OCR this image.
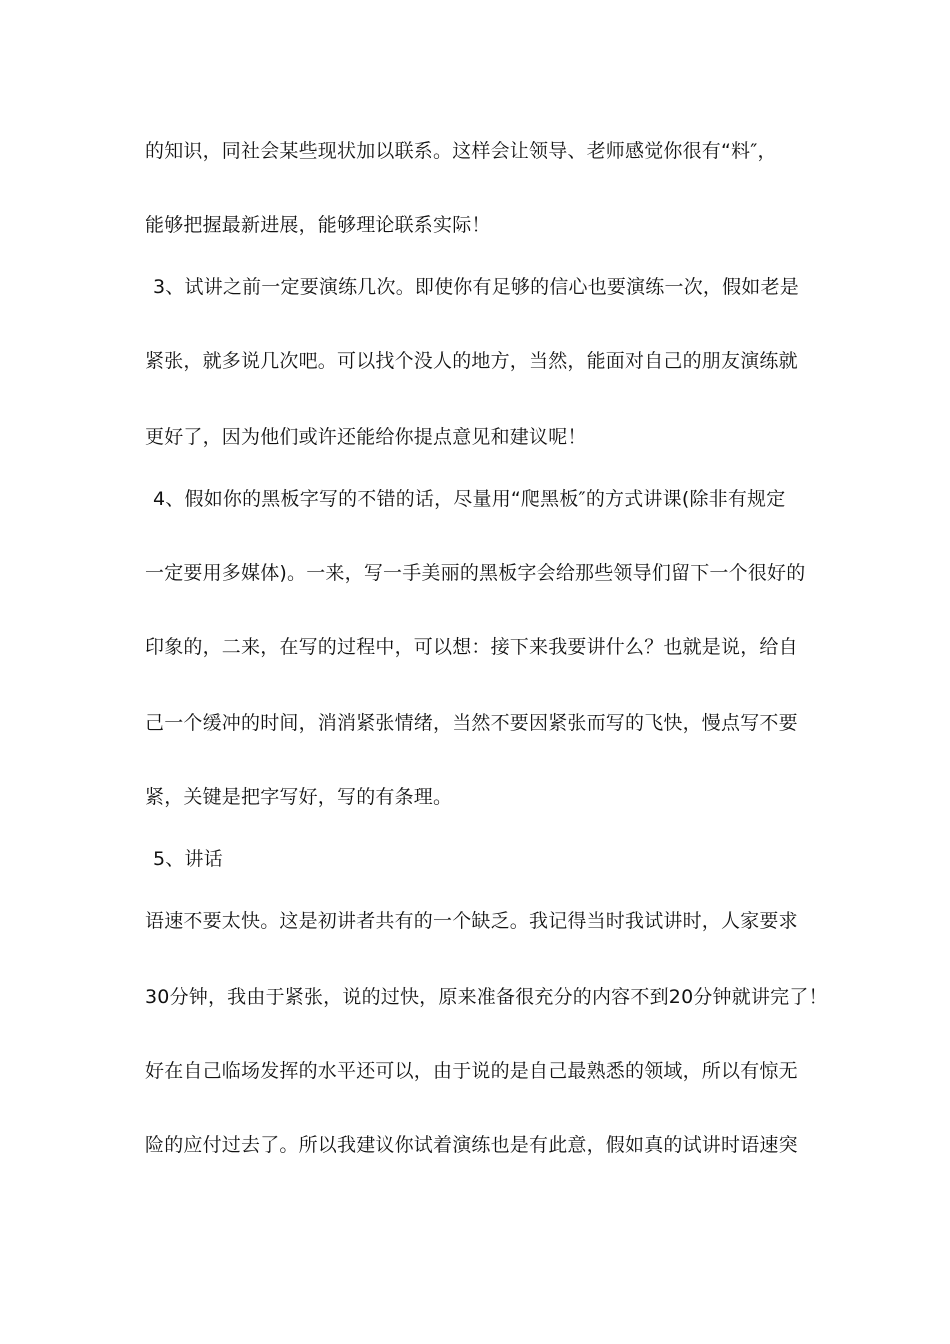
的知识，同社会某些现状加以联系。这样会让领导、老师感觉你很有“料″，
能够把握最新进展，能够理论联系实际！
3、试讲之前一定要演练几次。即使你有足够的信心也要演练一次，假如老是
紧张，就多说几次吧。可以找个没人的地方，当然，能面对自己的朋友演练就
更好了，因为他们或许还能给你提点意见和建议呢！
4、假如你的黑板字写的不错的话，尽量用“爬黑板″的方式讲课(除非有规定
一定要用多媒体)。一来，写一手美丽的黑板字会给那些领导们留下一个很好的
印象的，二来，在写的过程中，可以想：接下来我要讲什么？也就是说，给自
己一个缓冲的时间，消消紧张情绪，当然不要因紧张而写的飞快，慢点写不要
紧，关键是把字写好，写的有条理。
5、讲话
语速不要太快。这是初讲者共有的一个缺乏。我记得当时我试讲时，人家要求
30分钟，我由于紧张，说的过快，原来准备很充分的内容不到20分钟就讲完了！
好在自己临场发挥的水平还可以，由于说的是自己最熟悉的领域，所以有惊无
险的应付过去了。所以我建议你试着演练也是有此意，假如真的试讲时语速突
